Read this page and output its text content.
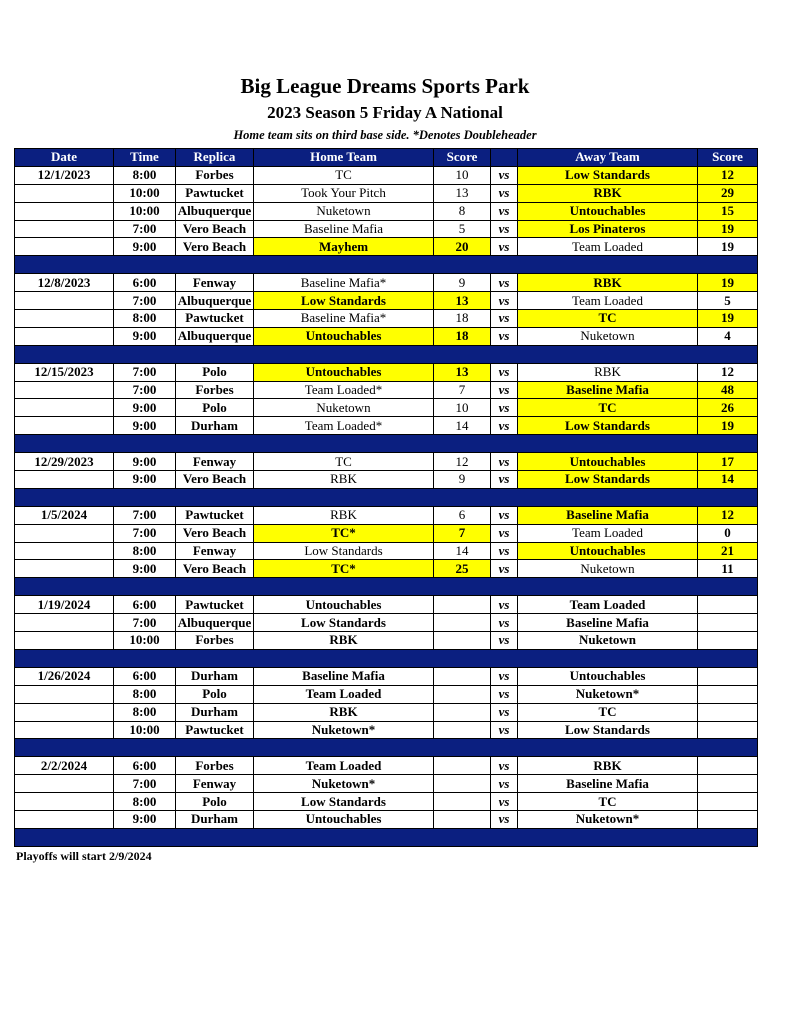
Big League Dreams Sports Park
2023 Season 5 Friday A National
Home team sits on third base side. *Denotes Doubleheader
Date	Time	Replica	Home Team	Score		Away Team	Score
12/1/2023	8:00	Forbes	TC	10	vs	Low Standards	12
	10:00	Pawtucket	Took Your Pitch	13	vs	RBK	29
	10:00	Albuquerque	Nuketown	8	vs	Untouchables	15
	7:00	Vero Beach	Baseline Mafia	5	vs	Los Pinateros	19
	9:00	Vero Beach	Mayhem	20	vs	Team Loaded	19

12/8/2023	6:00	Fenway	Baseline Mafia*	9	vs	RBK	19
	7:00	Albuquerque	Low Standards	13	vs	Team Loaded	5
	8:00	Pawtucket	Baseline Mafia*	18	vs	TC	19
	9:00	Albuquerque	Untouchables	18	vs	Nuketown	4

12/15/2023	7:00	Polo	Untouchables	13	vs	RBK	12
	7:00	Forbes	Team Loaded*	7	vs	Baseline Mafia	48
	9:00	Polo	Nuketown	10	vs	TC	26
	9:00	Durham	Team Loaded*	14	vs	Low Standards	19

12/29/2023	9:00	Fenway	TC	12	vs	Untouchables	17
	9:00	Vero Beach	RBK	9	vs	Low Standards	14

1/5/2024	7:00	Pawtucket	RBK	6	vs	Baseline Mafia	12
	7:00	Vero Beach	TC*	7	vs	Team Loaded	0
	8:00	Fenway	Low Standards	14	vs	Untouchables	21
	9:00	Vero Beach	TC*	25	vs	Nuketown	11

1/19/2024	6:00	Pawtucket	Untouchables		vs	Team Loaded	
	7:00	Albuquerque	Low Standards		vs	Baseline Mafia	
	10:00	Forbes	RBK		vs	Nuketown	

1/26/2024	6:00	Durham	Baseline Mafia		vs	Untouchables	
	8:00	Polo	Team Loaded		vs	Nuketown*	
	8:00	Durham	RBK		vs	TC	
	10:00	Pawtucket	Nuketown*		vs	Low Standards	

2/2/2024	6:00	Forbes	Team Loaded		vs	RBK	
	7:00	Fenway	Nuketown*		vs	Baseline Mafia	
	8:00	Polo	Low Standards		vs	TC	
	9:00	Durham	Untouchables		vs	Nuketown*	

Playoffs will start 2/9/2024
